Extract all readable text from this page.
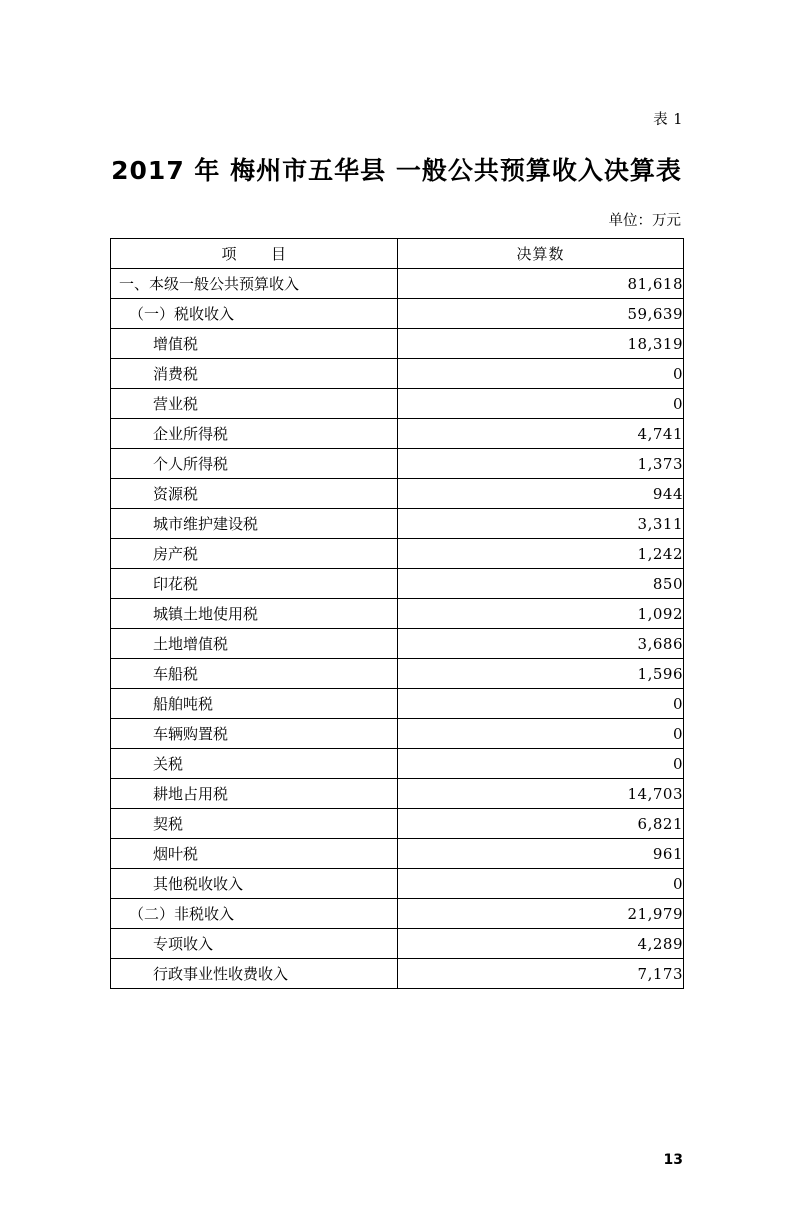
表 1
2017 年 梅州市五华县 一般公共预算收入决算表
单位：万元
项 目	决算数
一、本级一般公共预算收入	81,618
（一）税收收入	59,639
增值税	18,319
消费税	0
营业税	0
企业所得税	4,741
个人所得税	1,373
资源税	944
城市维护建设税	3,311
房产税	1,242
印花税	850
城镇土地使用税	1,092
土地增值税	3,686
车船税	1,596
船舶吨税	0
车辆购置税	0
关税	0
耕地占用税	14,703
契税	6,821
烟叶税	961
其他税收收入	0
（二）非税收入	21,979
专项收入	4,289
行政事业性收费收入	7,173
13
